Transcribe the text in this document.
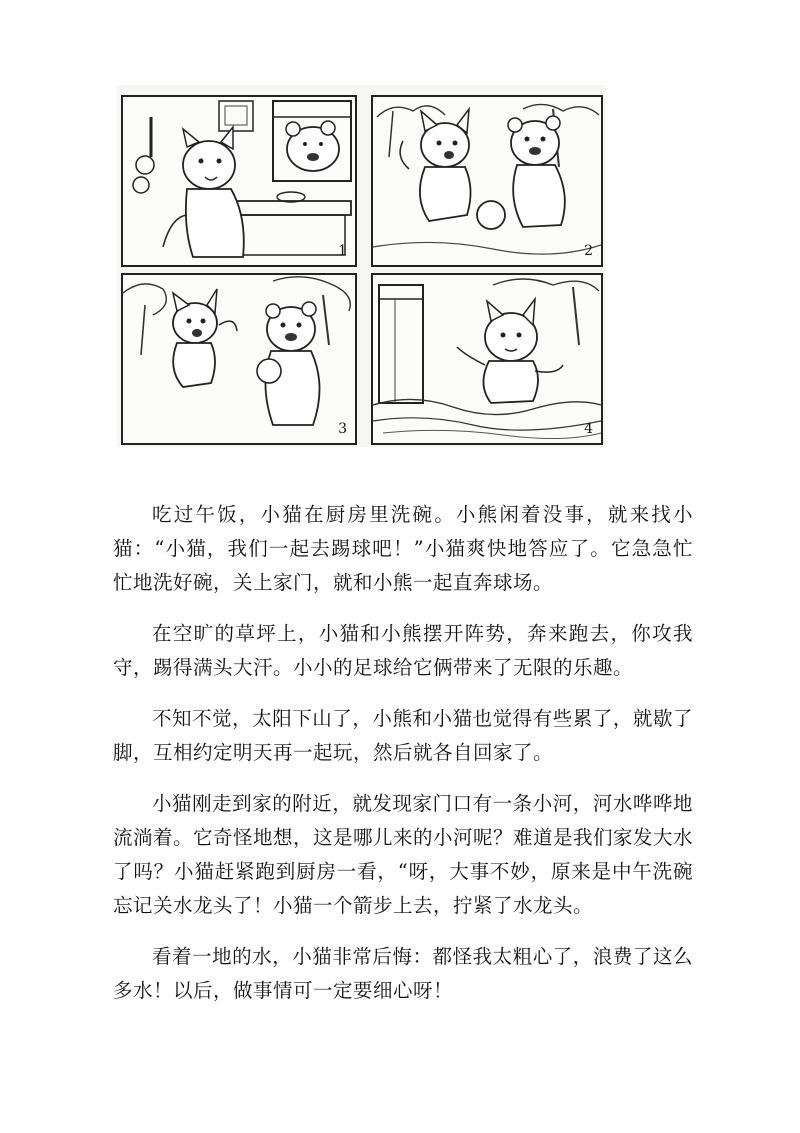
1	2
3	4

吃过午饭，小猫在厨房里洗碗。小熊闲着没事，就来找小猫：“小猫，我们一起去踢球吧！”小猫爽快地答应了。它急急忙忙地洗好碗，关上家门，就和小熊一起直奔球场。

在空旷的草坪上，小猫和小熊摆开阵势，奔来跑去，你攻我守，踢得满头大汗。小小的足球给它俩带来了无限的乐趣。

不知不觉，太阳下山了，小熊和小猫也觉得有些累了，就歇了脚，互相约定明天再一起玩，然后就各自回家了。

小猫刚走到家的附近，就发现家门口有一条小河，河水哗哗地流淌着。它奇怪地想，这是哪儿来的小河呢？难道是我们家发大水了吗？小猫赶紧跑到厨房一看，“呀，大事不妙，原来是中午洗碗忘记关水龙头了！小猫一个箭步上去，拧紧了水龙头。

看着一地的水，小猫非常后悔：都怪我太粗心了，浪费了这么多水！以后，做事情可一定要细心呀！
